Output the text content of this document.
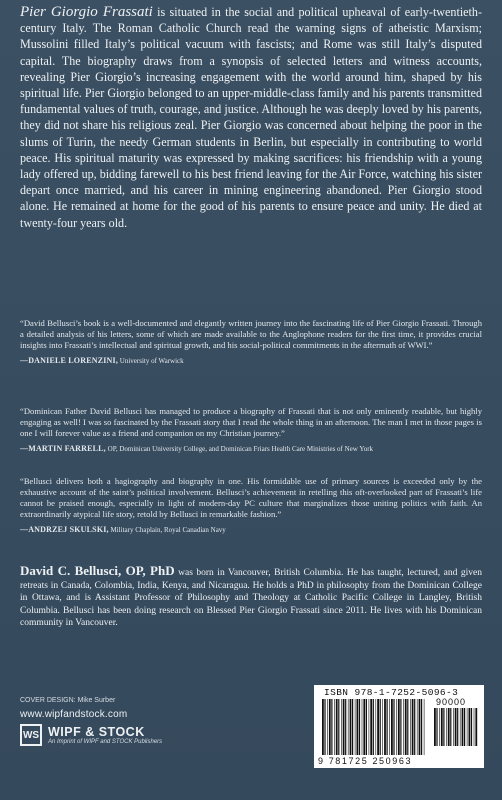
Pier Giorgio Frassati is situated in the social and political upheaval of early-twentieth-century Italy. The Roman Catholic Church read the warning signs of atheistic Marxism; Mussolini filled Italy’s political vacuum with fascists; and Rome was still Italy’s disputed capital. The biography draws from a synopsis of selected letters and witness accounts, revealing Pier Giorgio’s increasing engagement with the world around him, shaped by his spiritual life. Pier Giorgio belonged to an upper-middle-class family and his parents transmitted fundamental values of truth, courage, and justice. Although he was deeply loved by his parents, they did not share his religious zeal. Pier Giorgio was concerned about helping the poor in the slums of Turin, the needy German students in Berlin, but especially in contributing to world peace. His spiritual maturity was expressed by making sacrifices: his friendship with a young lady offered up, bidding farewell to his best friend leaving for the Air Force, watching his sister depart once married, and his career in mining engineering abandoned. Pier Giorgio stood alone. He remained at home for the good of his parents to ensure peace and unity. He died at twenty-four years old.
“David Bellusci’s book is a well-documented and elegantly written journey into the fascinating life of Pier Giorgio Frassati. Through a detailed analysis of his letters, some of which are made available to the Anglophone readers for the first time, it provides crucial insights into Frassati’s intellectual and spiritual growth, and his social-political commitments in the aftermath of WWI.”
—DANIELE LORENZINI, University of Warwick
“Dominican Father David Bellusci has managed to produce a biography of Frassati that is not only eminently readable, but highly engaging as well! I was so fascinated by the Frassati story that I read the whole thing in an afternoon. The man I met in those pages is one I will forever value as a friend and companion on my Christian journey.”
—MARTIN FARRELL, OP, Dominican University College, and Dominican Friars Health Care Ministries of New York
“Bellusci delivers both a hagiography and biography in one. His formidable use of primary sources is exceeded only by the exhaustive account of the saint’s political involvement. Bellusci’s achievement in retelling this oft-overlooked part of Frassati’s life cannot be praised enough, especially in light of modern-day PC culture that marginalizes those uniting politics with faith. An extraordinarily atypical life story, retold by Bellusci in remarkable fashion.”
—ANDRZEJ SKULSKI, Military Chaplain, Royal Canadian Navy
David C. Bellusci, OP, PhD was born in Vancouver, British Columbia. He has taught, lectured, and given retreats in Canada, Colombia, India, Kenya, and Nicaragua. He holds a PhD in philosophy from the Dominican College in Ottawa, and is Assistant Professor of Philosophy and Theology at Catholic Pacific College in Langley, British Columbia. Bellusci has been doing research on Blessed Pier Giorgio Frassati since 2011. He lives with his Dominican community in Vancouver.
COVER DESIGN: Mike Surber
www.wipfandstock.com
WS WIPF & STOCK
An Imprint of WIPF and STOCK Publishers
ISBN 978-1-7252-5096-3
90000
9 781725 250963
